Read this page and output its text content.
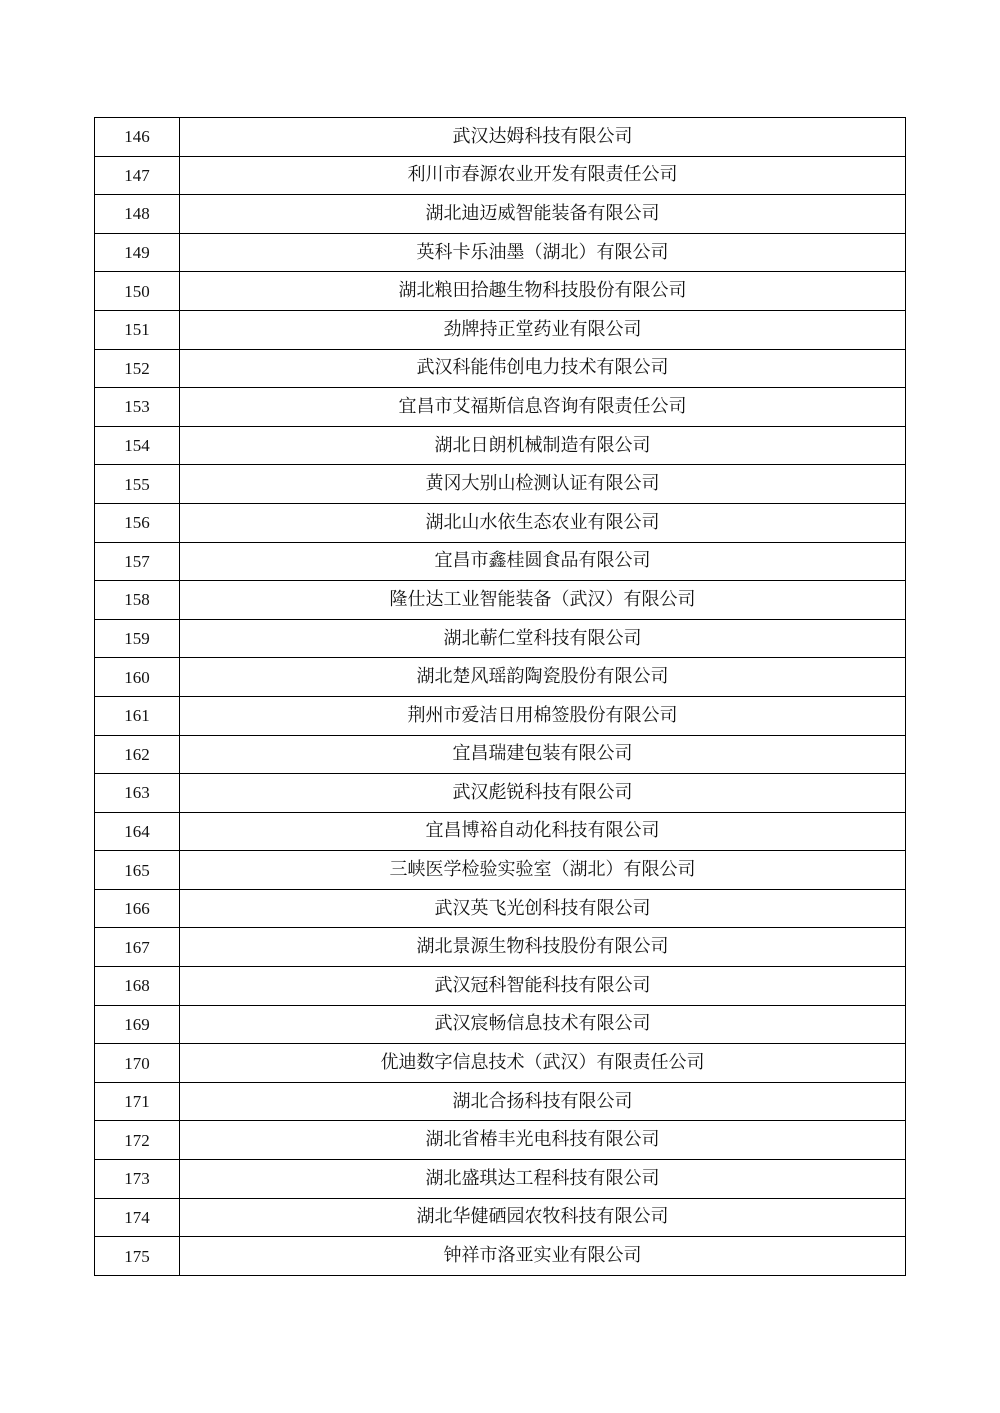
146	武汉达姆科技有限公司
147	利川市春源农业开发有限责任公司
148	湖北迪迈威智能装备有限公司
149	英科卡乐油墨（湖北）有限公司
150	湖北粮田拾趣生物科技股份有限公司
151	劲牌持正堂药业有限公司
152	武汉科能伟创电力技术有限公司
153	宜昌市艾福斯信息咨询有限责任公司
154	湖北日朗机械制造有限公司
155	黄冈大别山检测认证有限公司
156	湖北山水依生态农业有限公司
157	宜昌市鑫桂圆食品有限公司
158	隆仕达工业智能装备（武汉）有限公司
159	湖北蕲仁堂科技有限公司
160	湖北楚风瑶韵陶瓷股份有限公司
161	荆州市爱洁日用棉签股份有限公司
162	宜昌瑞建包装有限公司
163	武汉彪锐科技有限公司
164	宜昌博裕自动化科技有限公司
165	三峡医学检验实验室（湖北）有限公司
166	武汉英飞光创科技有限公司
167	湖北景源生物科技股份有限公司
168	武汉冠科智能科技有限公司
169	武汉宸畅信息技术有限公司
170	优迪数字信息技术（武汉）有限责任公司
171	湖北合扬科技有限公司
172	湖北省椿丰光电科技有限公司
173	湖北盛琪达工程科技有限公司
174	湖北华健硒园农牧科技有限公司
175	钟祥市洛亚实业有限公司
